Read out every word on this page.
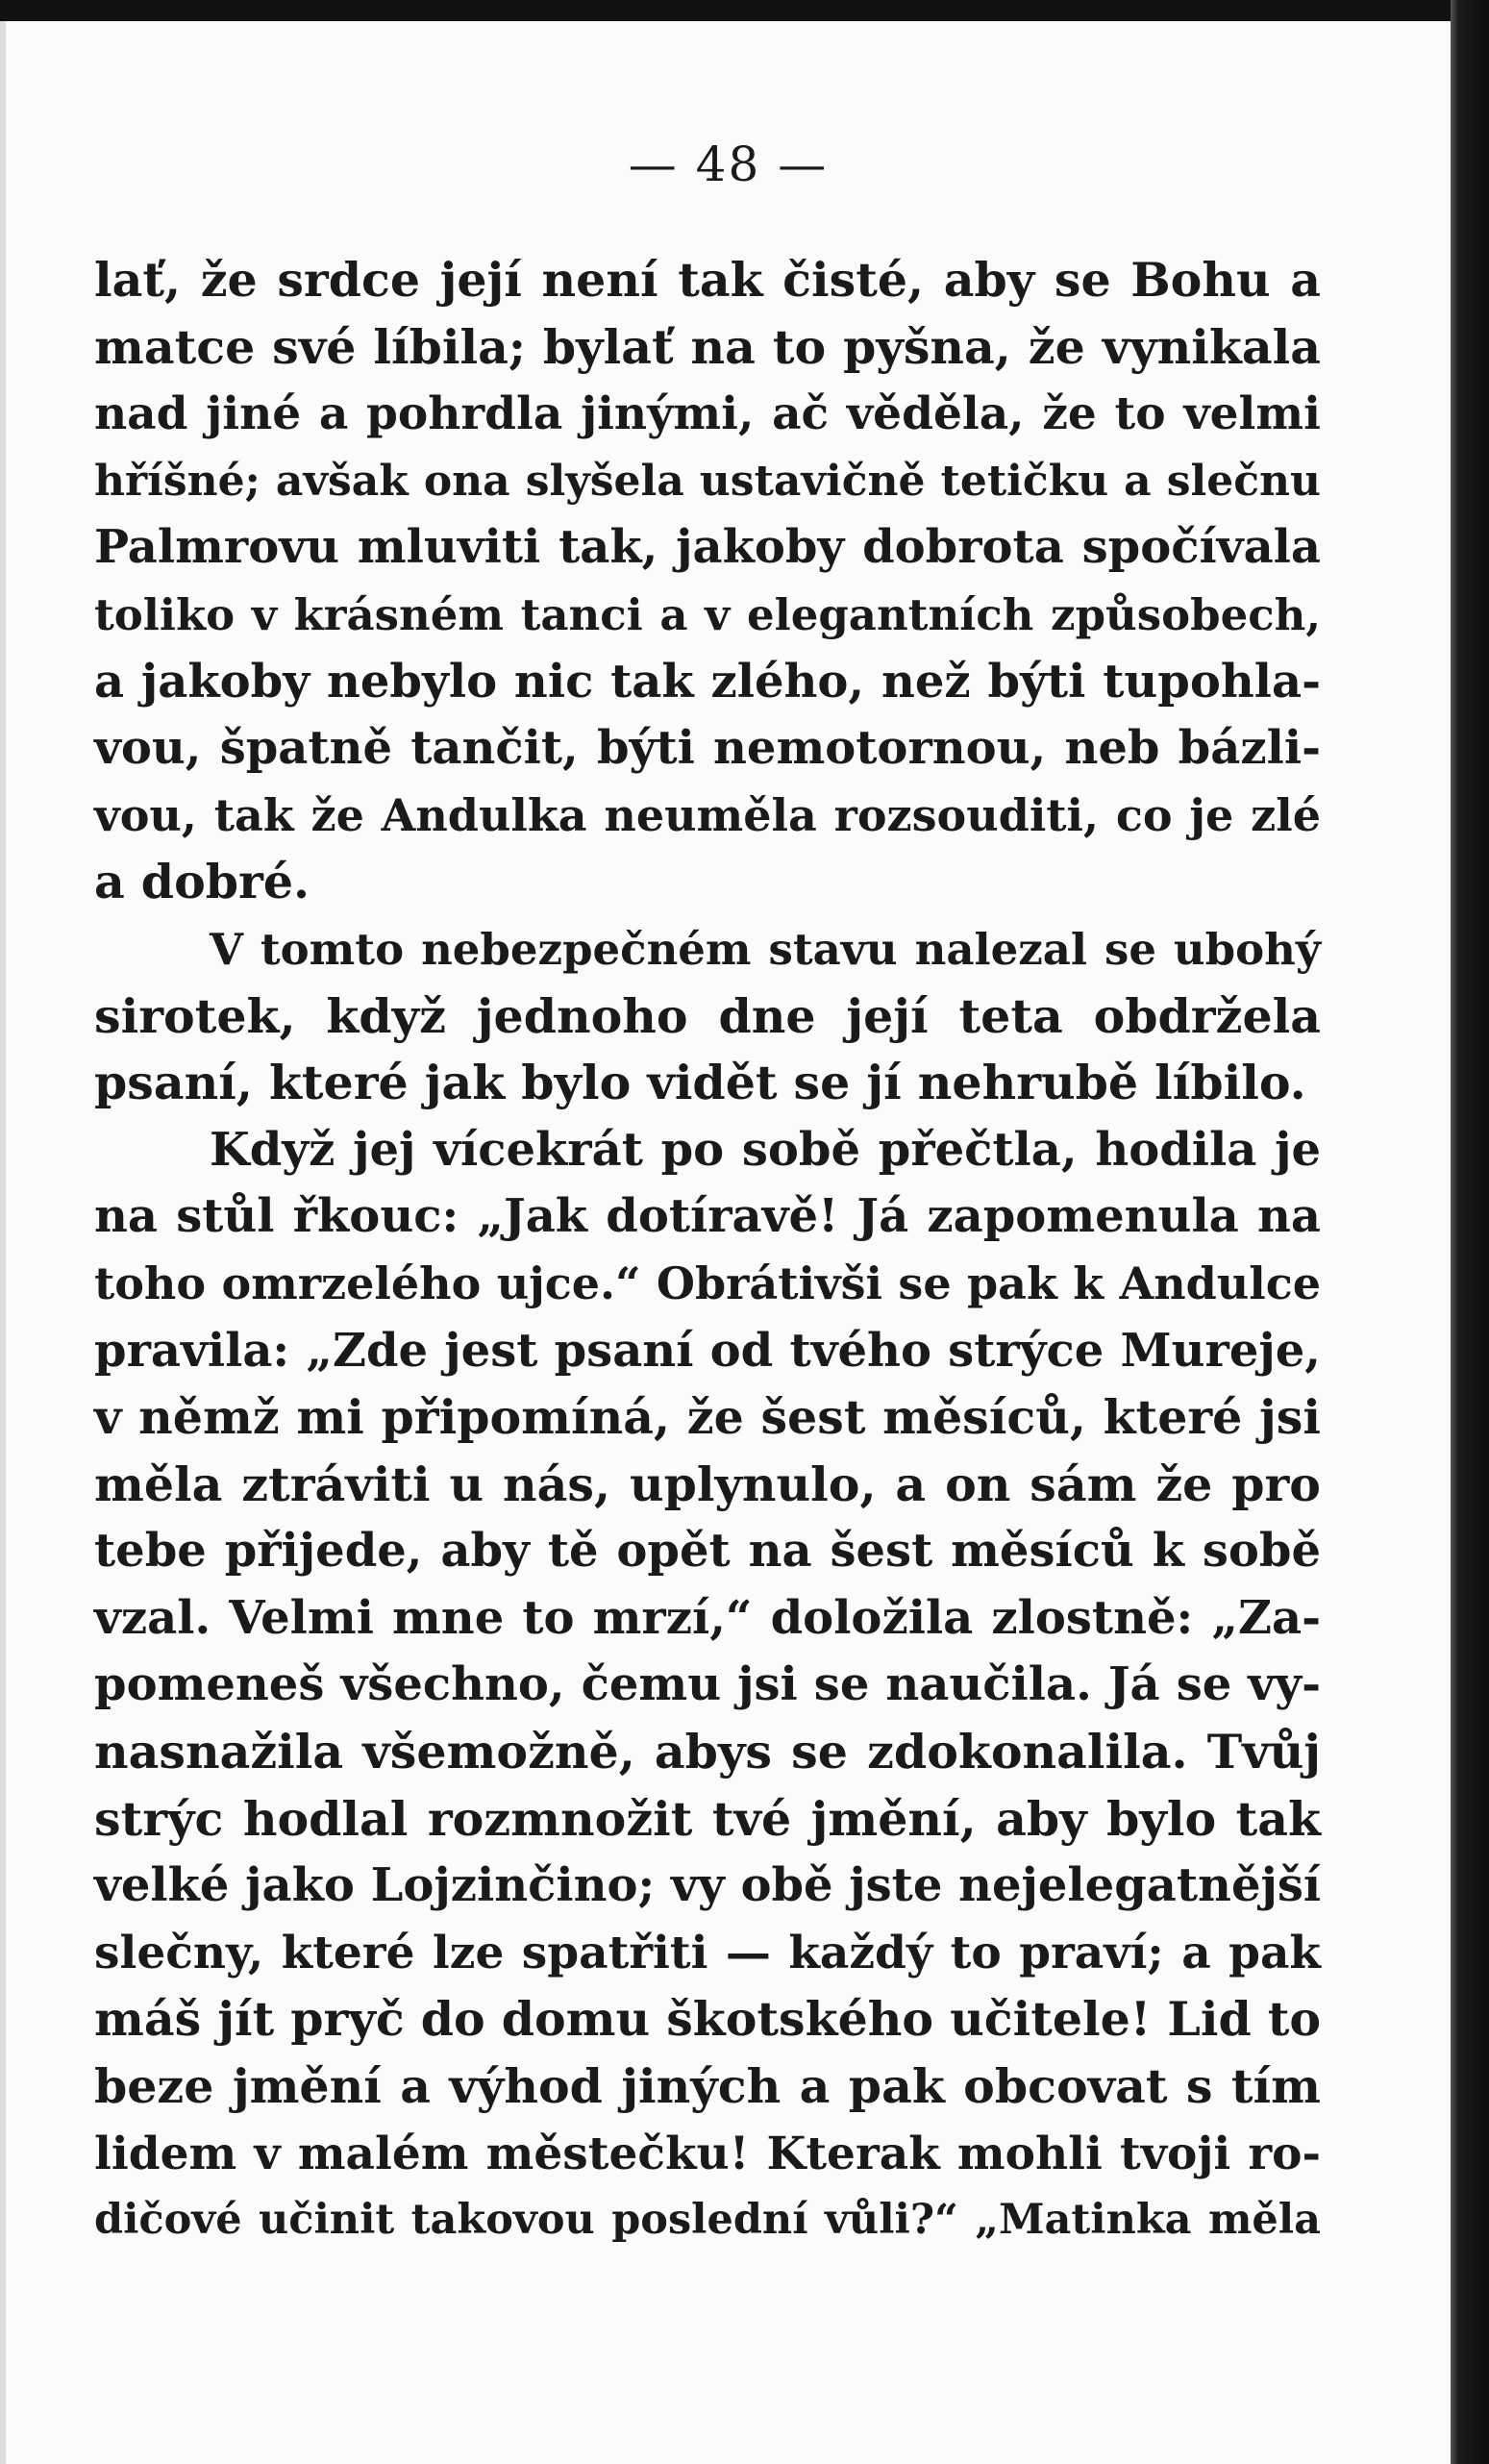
— 48 —
lať, že srdce její není tak čisté, aby se Bohu a
matce své líbila; bylať na to pyšna, že vynikala
nad jiné a pohrdla jinými, ač věděla, že to velmi
hříšné; avšak ona slyšela ustavičně tetičku a slečnu
Palmrovu mluviti tak, jakoby dobrota spočívala
toliko v krásném tanci a v elegantních způsobech,
a jakoby nebylo nic tak zlého, než býti tupohla-
vou, špatně tančit, býti nemotornou, neb bázli-
vou, tak že Andulka neuměla rozsouditi, co je zlé
a dobré.
V tomto nebezpečném stavu nalezal se ubohý
sirotek, když jednoho dne její teta obdržela
psaní, které jak bylo vidět se jí nehrubě líbilo.
Když jej vícekrát po sobě přečtla, hodila je
na stůl řkouc: „Jak dotíravě! Já zapomenula na
toho omrzelého ujce.“ Obrátivši se pak k Andulce
pravila: „Zde jest psaní od tvého strýce Mureje,
v němž mi připomíná, že šest měsíců, které jsi
měla ztráviti u nás, uplynulo, a on sám že pro
tebe přijede, aby tě opět na šest měsíců k sobě
vzal. Velmi mne to mrzí,“ doložila zlostně: „Za-
pomeneš všechno, čemu jsi se naučila. Já se vy-
nasnažila všemožně, abys se zdokonalila. Tvůj
strýc hodlal rozmnožit tvé jmění, aby bylo tak
velké jako Lojzinčino; vy obě jste nejelegatnější
slečny, které lze spatřiti — každý to praví; a pak
máš jít pryč do domu škotského učitele! Lid to
beze jmění a výhod jiných a pak obcovat s tím
lidem v malém městečku! Kterak mohli tvoji ro-
dičové učinit takovou poslední vůli?“ „Matinka měla
